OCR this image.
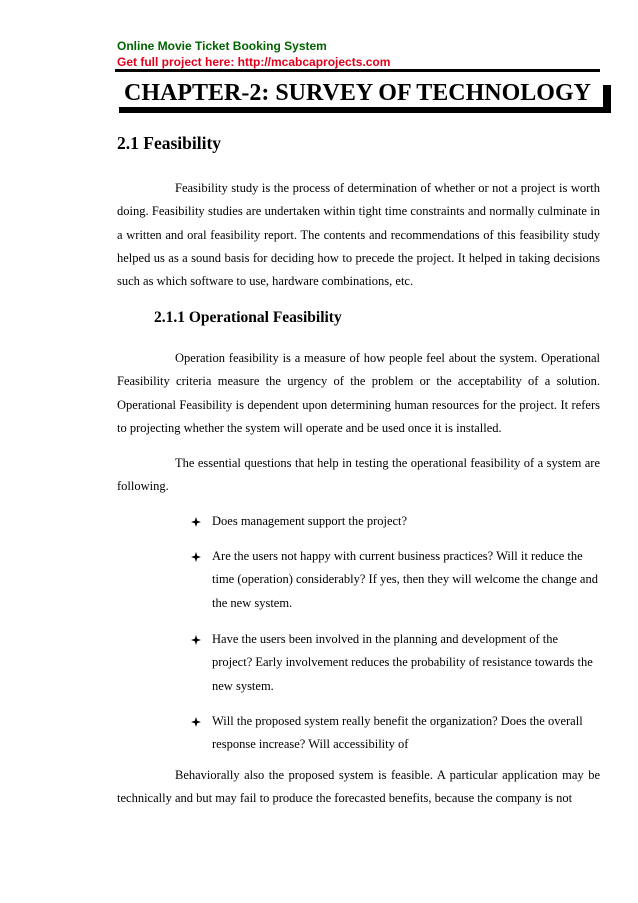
Online Movie Ticket Booking System
Get full project here: http://mcabcaprojects.com
CHAPTER-2: SURVEY OF TECHNOLOGY
2.1 Feasibility

Feasibility study is the process of determination of whether or not a project is worth doing. Feasibility studies are undertaken within tight time constraints and normally culminate in a written and oral feasibility report. The contents and recommendations of this feasibility study helped us as a sound basis for deciding how to precede the project. It helped in taking decisions such as which software to use, hardware combinations, etc.

2.1.1 Operational Feasibility

Operation feasibility is a measure of how people feel about the system. Operational Feasibility criteria measure the urgency of the problem or the acceptability of a solution. Operational Feasibility is dependent upon determining human resources for the project. It refers to projecting whether the system will operate and be used once it is installed.

The essential questions that help in testing the operational feasibility of a system are following.

Does management support the project?
Are the users not happy with current business practices? Will it reduce the time (operation) considerably? If yes, then they will welcome the change and the new system.
Have the users been involved in the planning and development of the project? Early involvement reduces the probability of resistance towards the new system.
Will the proposed system really benefit the organization? Does the overall response increase? Will accessibility of

Behaviorally also the proposed system is feasible. A particular application may be technically and but may fail to produce the forecasted benefits, because the company is not
